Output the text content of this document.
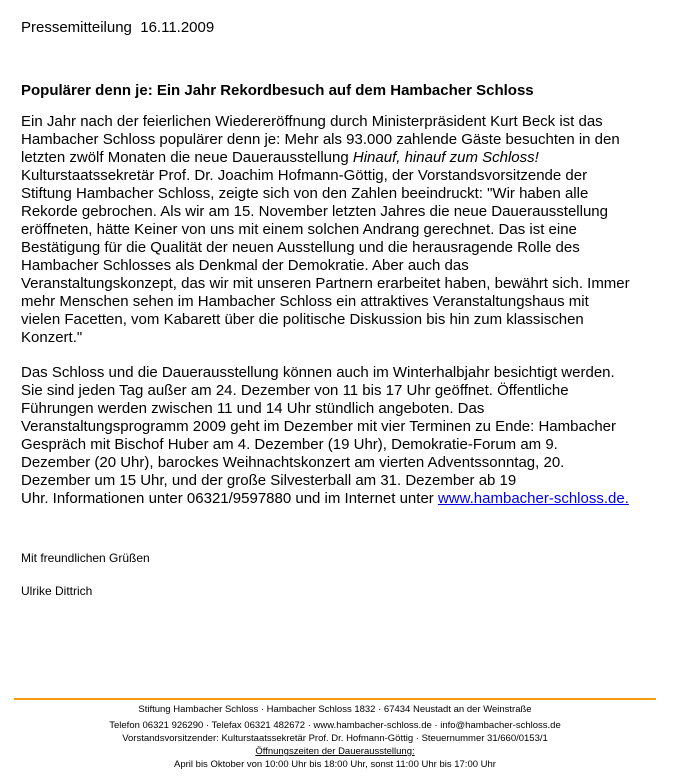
Pressemitteilung 16.11.2009
Populärer denn je: Ein Jahr Rekordbesuch auf dem Hambacher Schloss
Ein Jahr nach der feierlichen Wiedereröffnung durch Ministerpräsident Kurt Beck ist das
Hambacher Schloss populärer denn je: Mehr als 93.000 zahlende Gäste besuchten in den
letzten zwölf Monaten die neue Dauerausstellung Hinauf, hinauf zum Schloss!
Kulturstaatssekretär Prof. Dr. Joachim Hofmann-Göttig, der Vorstandsvorsitzende der
Stiftung Hambacher Schloss, zeigte sich von den Zahlen beeindruckt: "Wir haben alle
Rekorde gebrochen. Als wir am 15. November letzten Jahres die neue Dauerausstellung
eröffneten, hätte Keiner von uns mit einem solchen Andrang gerechnet. Das ist eine
Bestätigung für die Qualität der neuen Ausstellung und die herausragende Rolle des
Hambacher Schlosses als Denkmal der Demokratie. Aber auch das
Veranstaltungskonzept, das wir mit unseren Partnern erarbeitet haben, bewährt sich. Immer
mehr Menschen sehen im Hambacher Schloss ein attraktives Veranstaltungshaus mit
vielen Facetten, vom Kabarett über die politische Diskussion bis hin zum klassischen
Konzert."
Das Schloss und die Dauerausstellung können auch im Winterhalbjahr besichtigt werden.
Sie sind jeden Tag außer am 24. Dezember von 11 bis 17 Uhr geöffnet. Öffentliche
Führungen werden zwischen 11 und 14 Uhr stündlich angeboten. Das
Veranstaltungsprogramm 2009 geht im Dezember mit vier Terminen zu Ende: Hambacher
Gespräch mit Bischof Huber am 4. Dezember (19 Uhr), Demokratie-Forum am 9.
Dezember (20 Uhr), barockes Weihnachtskonzert am vierten Adventssonntag, 20.
Dezember um 15 Uhr, und der große Silvesterball am 31. Dezember ab 19
Uhr. Informationen unter 06321/9597880 und im Internet unter www.hambacher-schloss.de.
Mit freundlichen Grüßen
Ulrike Dittrich
Stiftung Hambacher Schloss · Hambacher Schloss 1832 · 67434 Neustadt an der Weinstraße
Telefon 06321 926290 · Telefax 06321 482672 · www.hambacher-schloss.de · info@hambacher-schloss.de
Vorstandsvorsitzender: Kulturstaatssekretär Prof. Dr. Hofmann-Göttig · Steuernummer 31/660/0153/1
Öffnungszeiten der Dauerausstellung:
April bis Oktober von 10:00 Uhr bis 18:00 Uhr, sonst 11:00 Uhr bis 17:00 Uhr
